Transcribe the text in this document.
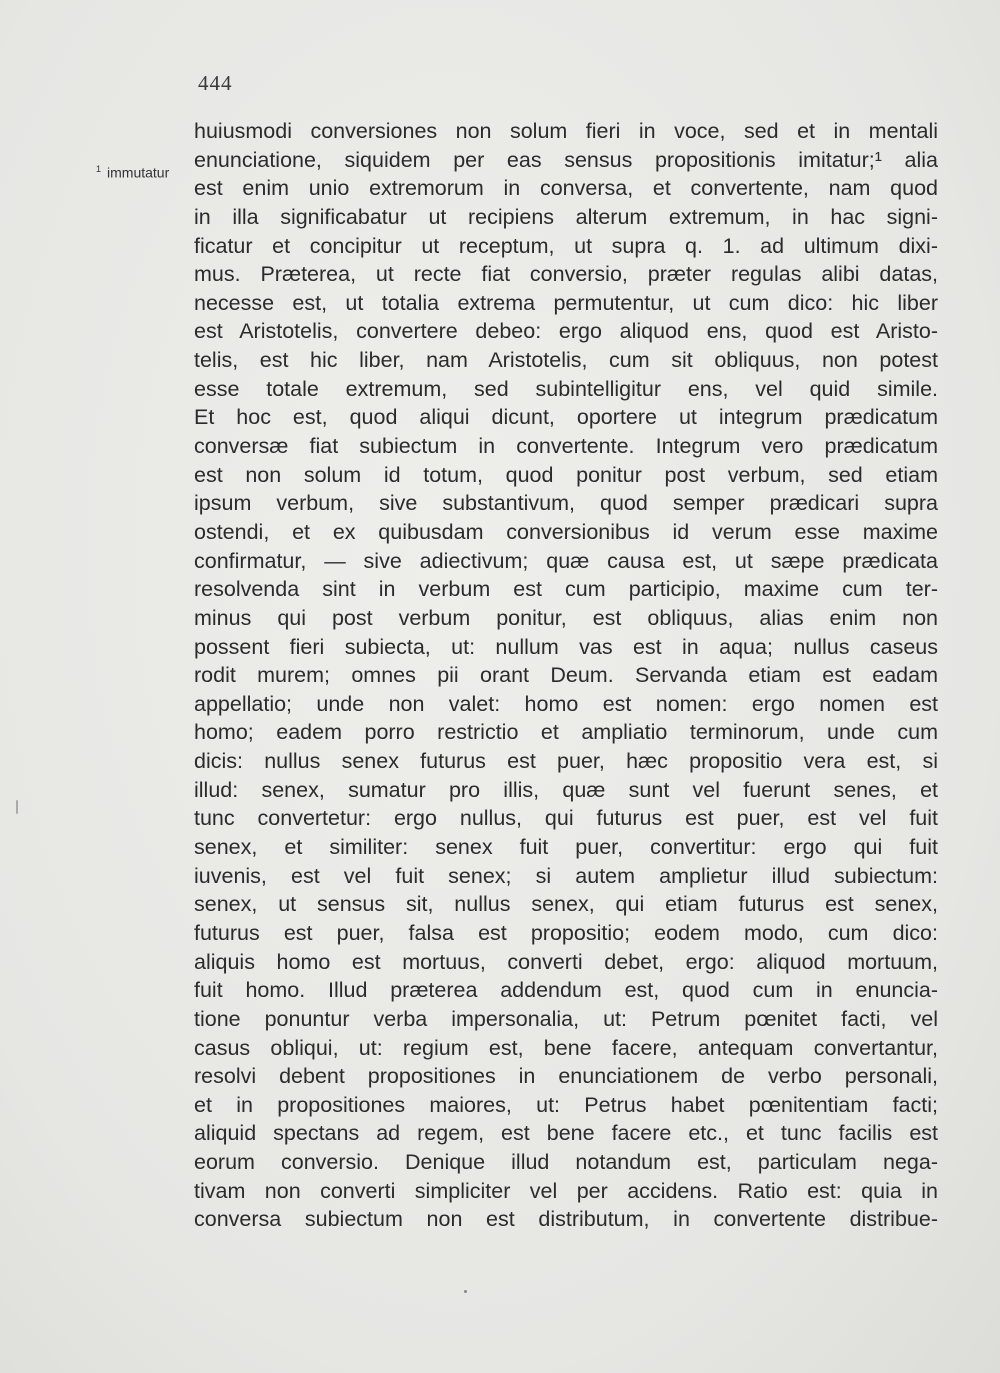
444
$^1$ immutatur
huiusmodi conversiones non solum fieri in voce, sed et in mentali
enunciatione, siquidem per eas sensus propositionis imitatur;¹ alia
est enim unio extremorum in conversa, et convertente, nam quod
in illa significabatur ut recipiens alterum extremum, in hac signi-
ficatur et concipitur ut receptum, ut supra q. 1. ad ultimum dixi-
mus. Præterea, ut recte fiat conversio, præter regulas alibi datas,
necesse est, ut totalia extrema permutentur, ut cum dico: hic liber
est Aristotelis, convertere debeo: ergo aliquod ens, quod est Aristo-
telis, est hic liber, nam Aristotelis, cum sit obliquus, non potest
esse totale extremum, sed subintelligitur ens, vel quid simile.
Et hoc est, quod aliqui dicunt, oportere ut integrum prædicatum
conversæ fiat subiectum in convertente. Integrum vero prædicatum
est non solum id totum, quod ponitur post verbum, sed etiam
ipsum verbum, sive substantivum, quod semper prædicari supra
ostendi, et ex quibusdam conversionibus id verum esse maxime
confirmatur, — sive adiectivum; quæ causa est, ut sæpe prædicata
resolvenda sint in verbum est cum participio, maxime cum ter-
minus qui post verbum ponitur, est obliquus, alias enim non
possent fieri subiecta, ut: nullum vas est in aqua; nullus caseus
rodit murem; omnes pii orant Deum. Servanda etiam est eadam
appellatio; unde non valet: homo est nomen: ergo nomen est
homo; eadem porro restrictio et ampliatio terminorum, unde cum
dicis: nullus senex futurus est puer, hæc propositio vera est, si
illud: senex, sumatur pro illis, quæ sunt vel fuerunt senes, et
tunc convertetur: ergo nullus, qui futurus est puer, est vel fuit
senex, et similiter: senex fuit puer, convertitur: ergo qui fuit
iuvenis, est vel fuit senex; si autem amplietur illud subiectum:
senex, ut sensus sit, nullus senex, qui etiam futurus est senex,
futurus est puer, falsa est propositio; eodem modo, cum dico:
aliquis homo est mortuus, converti debet, ergo: aliquod mortuum,
fuit homo. Illud præterea addendum est, quod cum in enuncia-
tione ponuntur verba impersonalia, ut: Petrum pœnitet facti, vel
casus obliqui, ut: regium est, bene facere, antequam convertantur,
resolvi debent propositiones in enunciationem de verbo personali,
et in propositiones maiores, ut: Petrus habet pœnitentiam facti;
aliquid spectans ad regem, est bene facere etc., et tunc facilis est
eorum conversio. Denique illud notandum est, particulam nega-
tivam non converti simpliciter vel per accidens. Ratio est: quia in
conversa subiectum non est distributum, in convertente distribue-
